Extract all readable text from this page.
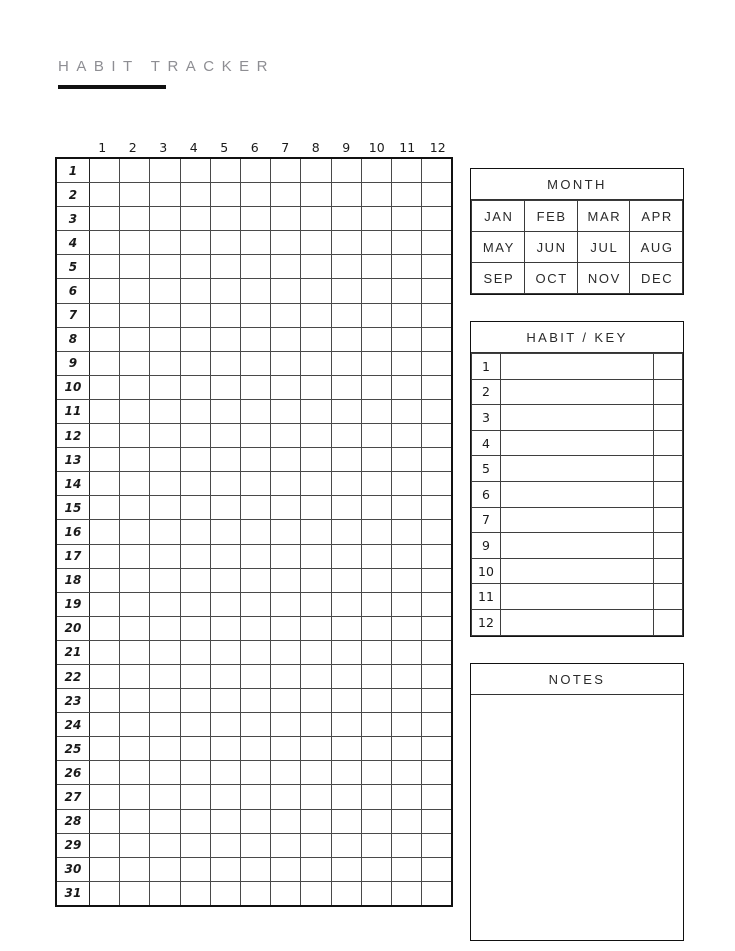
HABIT TRACKER
1	2	3	4	5	6	7	8	9	10	11	12
1												
2												
3												
4												
5												
6												
7												
8												
9												
10												
11												
12												
13												
14												
15												
16												
17												
18												
19												
20												
21												
22												
23												
24												
25												
26												
27												
28												
29												
30												
31												
MONTH
JAN	FEB	MAR	APR
MAY	JUN	JUL	AUG
SEP	OCT	NOV	DEC
HABIT / KEY
1		
2		
3		
4		
5		
6		
7		
9		
10		
11		
12		
NOTES
